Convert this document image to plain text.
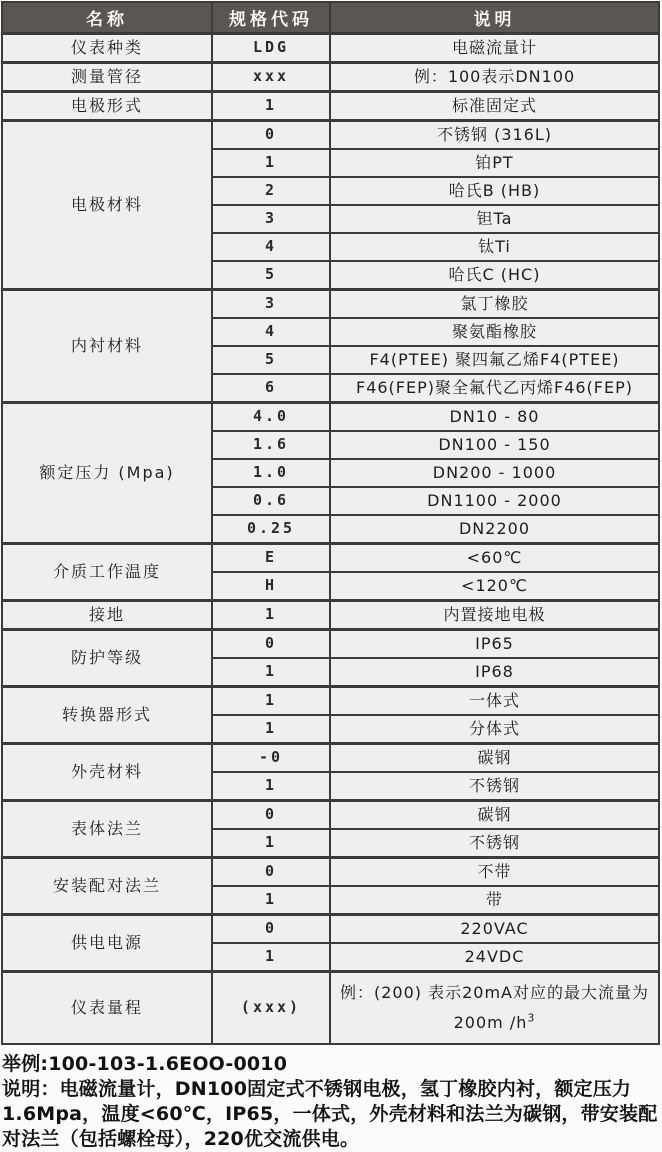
名称	规格代码	说明
仪表种类	LDG	电磁流量计
测量管径	xxx	例：100表示DN100
电极形式	1	标准固定式
电极材料	0	不锈钢 (316L)
	1	铂PT
	2	哈氏B (HB)
	3	钽Ta
	4	钛Ti
	5	哈氏C (HC)
内衬材料	3	氯丁橡胶
	4	聚氨酯橡胶
	5	F4(PTEE) 聚四氟乙烯F4(PTEE)
	6	F46(FEP)聚全氟代乙丙烯F46(FEP)
额定压力 (Mpa)	4.0	DN10 - 80
	1.6	DN100 - 150
	1.0	DN200 - 1000
	0.6	DN1100 - 2000
	0.25	DN2200
介质工作温度	E	<60℃
	H	<120℃
接地	1	内置接地电极
防护等级	0	IP65
	1	IP68
转换器形式	1	一体式
	1	分体式
外壳材料	-0	碳钢
	1	不锈钢
表体法兰	0	碳钢
	1	不锈钢
安装配对法兰	0	不带
	1	带
供电电源	0	220VAC
	1	24VDC
仪表量程	(xxx)	例：(200) 表示20mA对应的最大流量为200m $/h^3$
举例:100-103-1.6EOO-0010
说明：电磁流量计，DN100固定式不锈钢电极，氢丁橡胶内衬，额定压力1.6Mpa，温度<60℃，IP65，一体式，外壳材料和法兰为碳钢，带安装配对法兰（包括螺栓母），220优交流供电。
